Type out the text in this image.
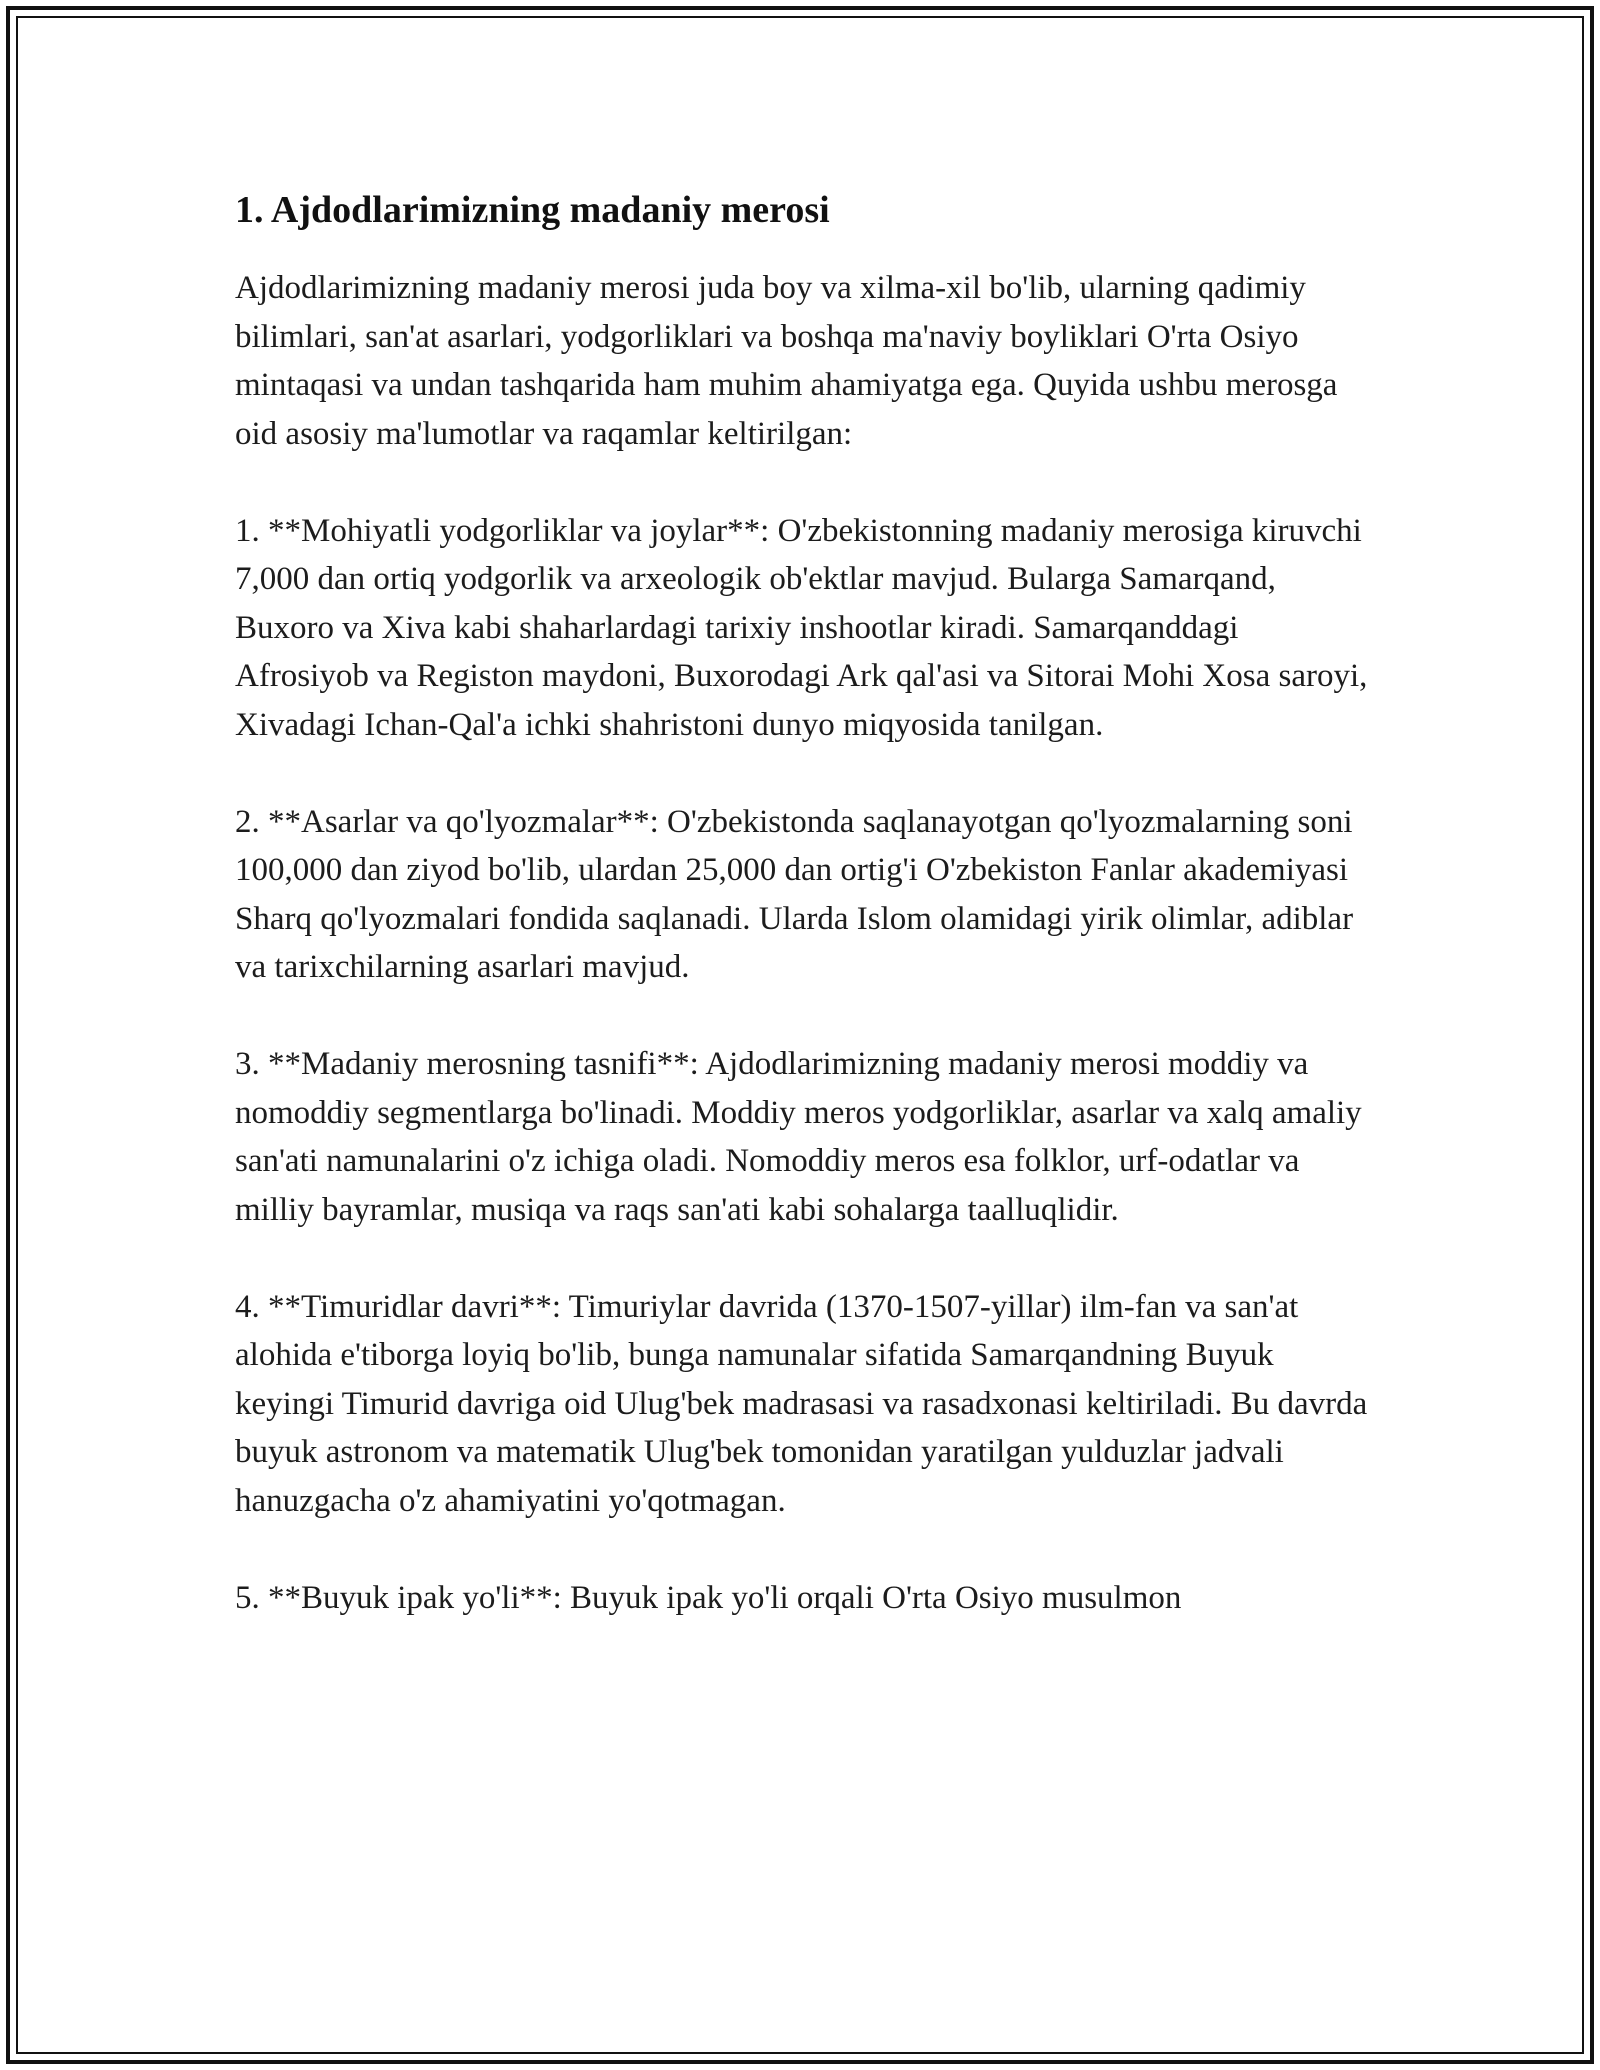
1. Ajdodlarimizning madaniy merosi

Ajdodlarimizning madaniy merosi juda boy va xilma-xil bo'lib, ularning qadimiy bilimlari, san'at asarlari, yodgorliklari va boshqa ma'naviy boyliklari O'rta Osiyo mintaqasi va undan tashqarida ham muhim ahamiyatga ega. Quyida ushbu merosga oid asosiy ma'lumotlar va raqamlar keltirilgan:

1. **Mohiyatli yodgorliklar va joylar**: O'zbekistonning madaniy merosiga kiruvchi 7,000 dan ortiq yodgorlik va arxeologik ob'ektlar mavjud. Bularga Samarqand, Buxoro va Xiva kabi shaharlardagi tarixiy inshootlar kiradi. Samarqanddagi Afrosiyob va Registon maydoni, Buxorodagi Ark qal'asi va Sitorai Mohi Xosa saroyi, Xivadagi Ichan-Qal'a ichki shahristoni dunyo miqyosida tanilgan.

2. **Asarlar va qo'lyozmalar**: O'zbekistonda saqlanayotgan qo'lyozmalarning soni 100,000 dan ziyod bo'lib, ulardan 25,000 dan ortig'i O'zbekiston Fanlar akademiyasi Sharq qo'lyozmalari fondida saqlanadi. Ularda Islom olamidagi yirik olimlar, adiblar va tarixchilarning asarlari mavjud.

3. **Madaniy merosning tasnifi**: Ajdodlarimizning madaniy merosi moddiy va nomoddiy segmentlarga bo'linadi. Moddiy meros yodgorliklar, asarlar va xalq amaliy san'ati namunalarini o'z ichiga oladi. Nomoddiy meros esa folklor, urf-odatlar va milliy bayramlar, musiqa va raqs san'ati kabi sohalarga taalluqlidir.

4. **Timuridlar davri**: Timuriylar davrida (1370-1507-yillar) ilm-fan va san'at alohida e'tiborga loyiq bo'lib, bunga namunalar sifatida Samarqandning Buyuk keyingi Timurid davriga oid Ulug'bek madrasasi va rasadxonasi keltiriladi. Bu davrda buyuk astronom va matematik Ulug'bek tomonidan yaratilgan yulduzlar jadvali hanuzgacha o'z ahamiyatini yo'qotmagan.

5. **Buyuk ipak yo'li**: Buyuk ipak yo'li orqali O'rta Osiyo musulmon
